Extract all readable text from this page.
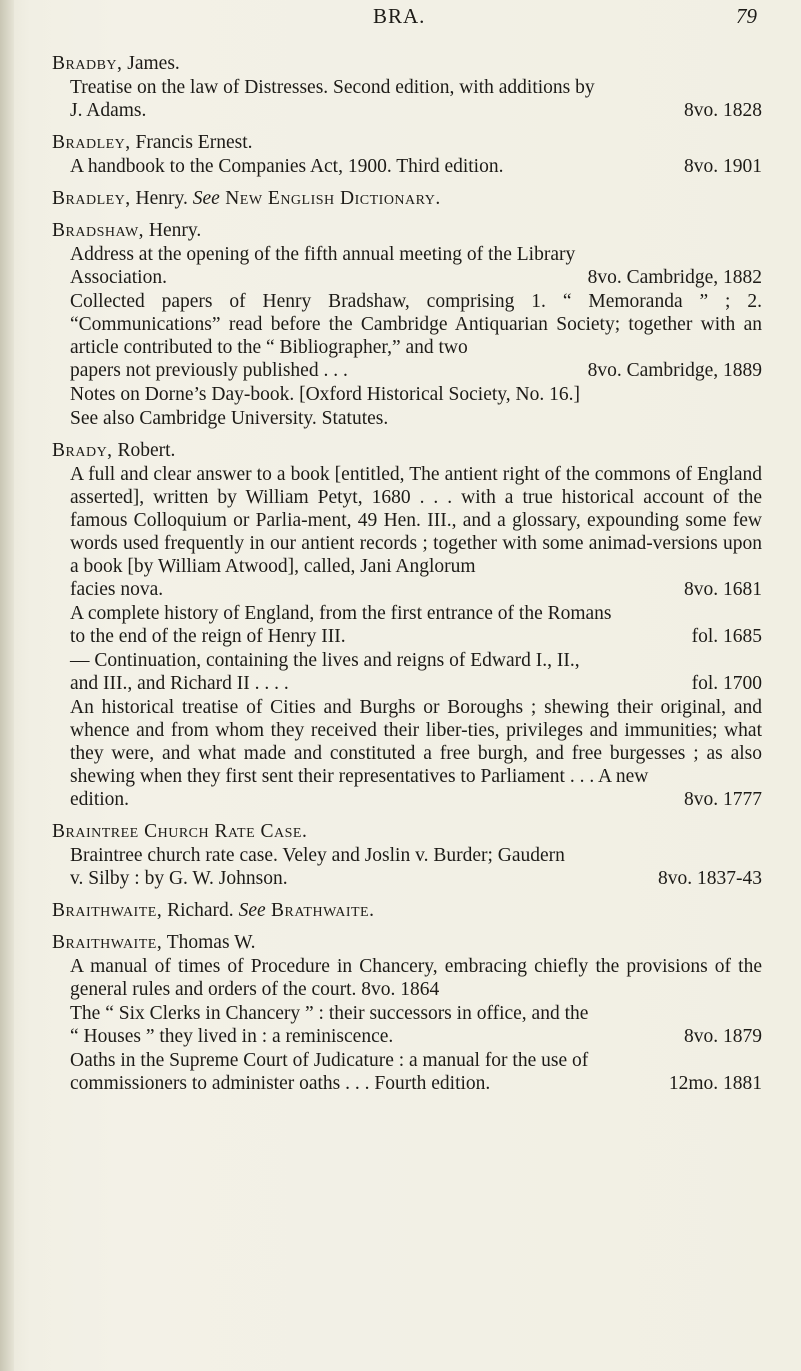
BRA.	79
Bradby, James.
Treatise on the law of Distresses. Second edition, with additions by
J. Adams.	8vo. 1828
Bradley, Francis Ernest.
A handbook to the Companies Act, 1900. Third edition.	8vo. 1901
Bradley, Henry. See New English Dictionary.
Bradshaw, Henry.
Address at the opening of the fifth annual meeting of the Library
Association.	8vo. Cambridge, 1882
Collected papers of Henry Bradshaw, comprising 1. “ Memoranda ” ; 2. “Communications” read before the Cambridge Antiquarian Society; together with an article contributed to the “ Bibliographer,” and two
papers not previously published . . .	8vo. Cambridge, 1889
Notes on Dorne’s Day-book. [Oxford Historical Society, No. 16.]
See also Cambridge University. Statutes.
Brady, Robert.
A full and clear answer to a book [entitled, The antient right of the commons of England asserted], written by William Petyt, 1680 . . . with a true historical account of the famous Colloquium or Parlia-ment, 49 Hen. III., and a glossary, expounding some few words used frequently in our antient records ; together with some animad-versions upon a book [by William Atwood], called, Jani Anglorum
facies nova.	8vo. 1681
A complete history of England, from the first entrance of the Romans
to the end of the reign of Henry III.	fol. 1685
— Continuation, containing the lives and reigns of Edward I., II.,
and III., and Richard II . . . .	fol. 1700
An historical treatise of Cities and Burghs or Boroughs ; shewing their original, and whence and from whom they received their liber-ties, privileges and immunities; what they were, and what made and constituted a free burgh, and free burgesses ; as also shewing when they first sent their representatives to Parliament . . . A new
edition.	8vo. 1777
Braintree Church Rate Case.
Braintree church rate case. Veley and Joslin v. Burder; Gaudern
v. Silby : by G. W. Johnson.	8vo. 1837-43
Braithwaite, Richard. See Brathwaite.
Braithwaite, Thomas W.
A manual of times of Procedure in Chancery, embracing chiefly the provisions of the general rules and orders of the court. 8vo. 1864
The “ Six Clerks in Chancery ” : their successors in office, and the
“ Houses ” they lived in : a reminiscence.	8vo. 1879
Oaths in the Supreme Court of Judicature : a manual for the use of
commissioners to administer oaths . . . Fourth edition.	12mo. 1881
